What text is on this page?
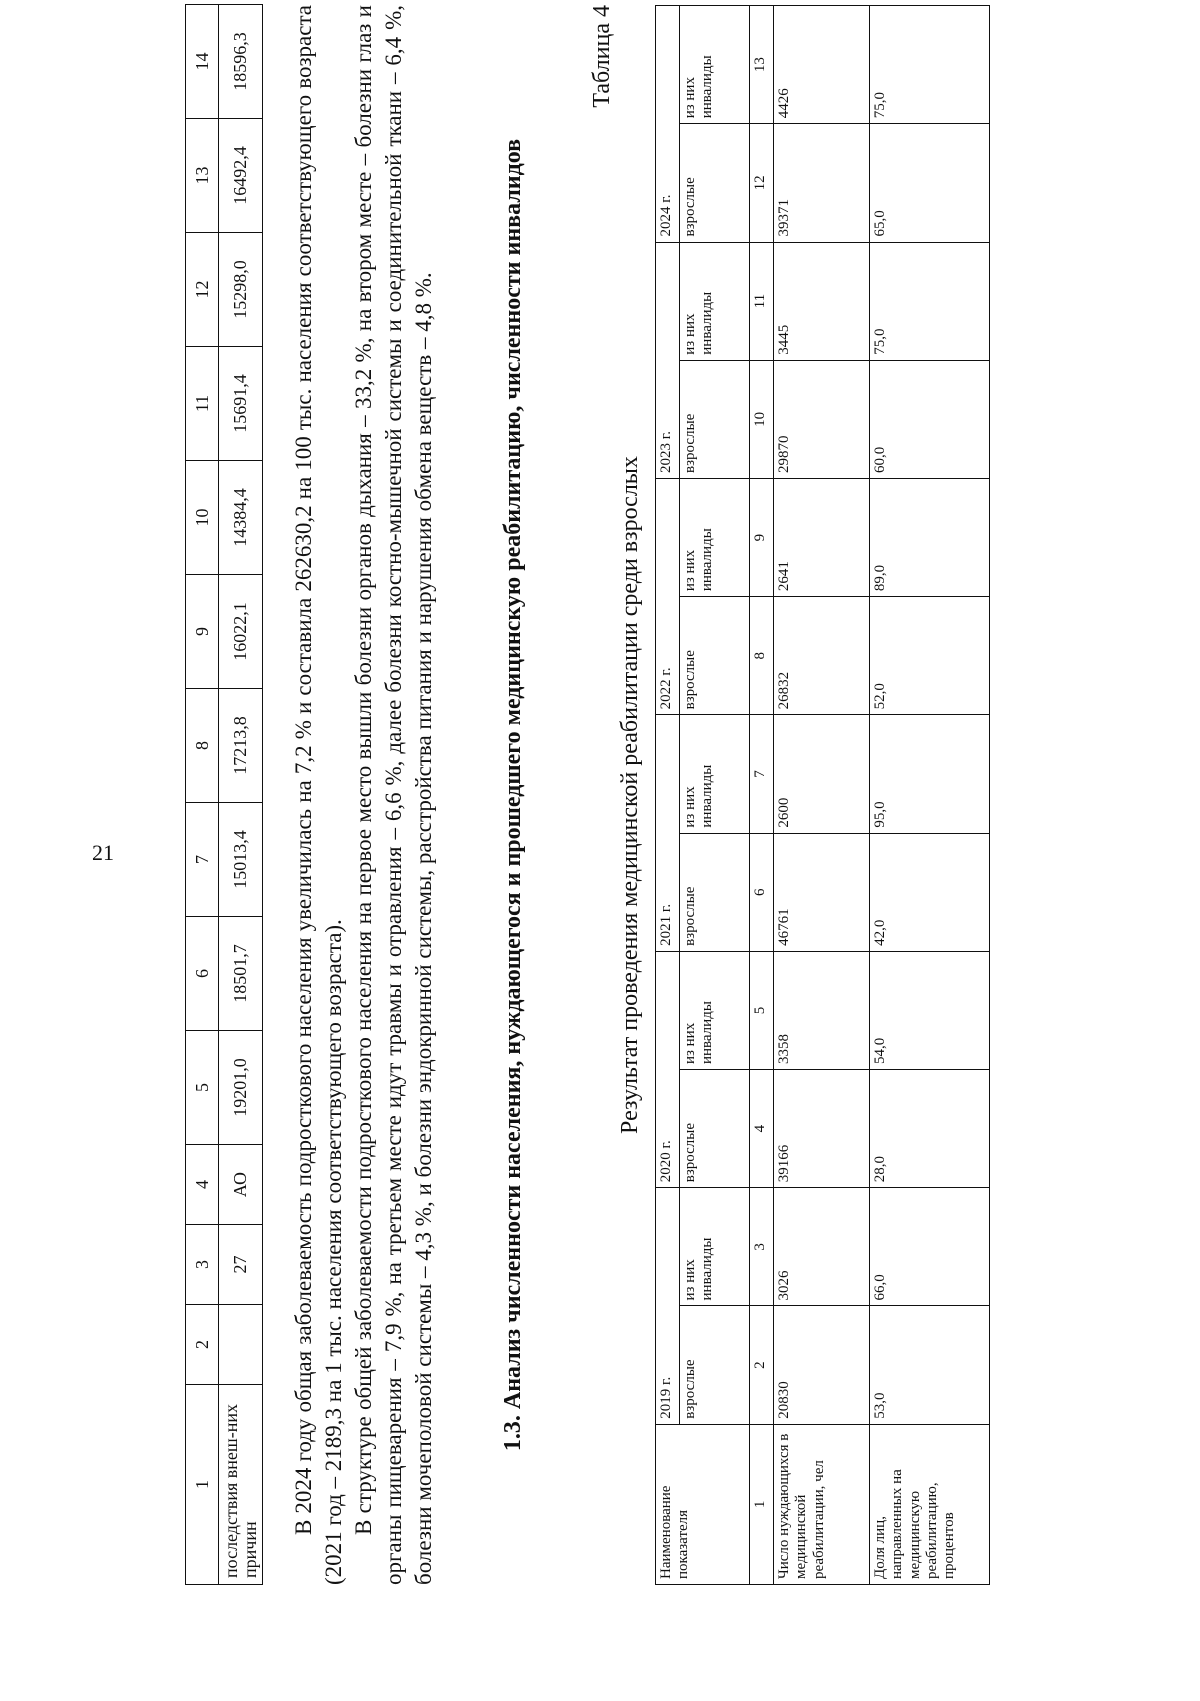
21
1	2	3	4	5	6	7	8	9	10	11	12	13	14
последствия внеш-них причин		27	АО	19201,0	18501,7	15013,4	17213,8	16022,1	14384,4	15691,4	15298,0	16492,4	18596,3 В 2024 году общая заболеваемость подросткового населения увеличилась на 7,2 % и составила 262630,2 на 100 тыс. населения соответствующего возраста (2021 год – 2189,3 на 1 тыс. населения соответствующего возраста). В структуре общей заболеваемости подросткового населения на первое место вышли болезни органов дыхания – 33,2 %, на втором месте – болезни глаз и органы пищеварения – 7,9 %, на третьем месте идут травмы и отравления – 6,6 %, далее болезни костно-мышечной системы и соединительной ткани – 6,4 %, болезни мочеполовой системы – 4,3 %, и болезни эндокринной системы, расстройства питания и нарушения обмена веществ – 4,8 %.	1.3. Анализ численности населения, нуждающегося и прошедшего медицинскую реабилитацию, численности инвалидов
Таблица 4
Результат проведения медицинской реабилитации среди взрослых
Наименование показателя	2019 г.		2020 г.		2021 г.		2022 г.		2023 г.		2024 г.	
	взрослые	из них инвалиды	взрослые	из них инвалиды	взрослые	из них инвалиды	взрослые	из них инвалиды	взрослые	из них инвалиды	взрослые	из них инвалиды
1	2	3	4	5	6	7	8	9	10	11	12	13
Число нуждающихся в медицинской реабилитации, чел	20830	3026	39166	3358	46761	2600	26832	2641	29870	3445	39371	4426
Доля лиц, направленных на медицинскую реабилитацию, процентов	53,0	66,0	28,0	54,0	42,0	95,0	52,0	89,0	60,0	75,0	65,0	75,0
